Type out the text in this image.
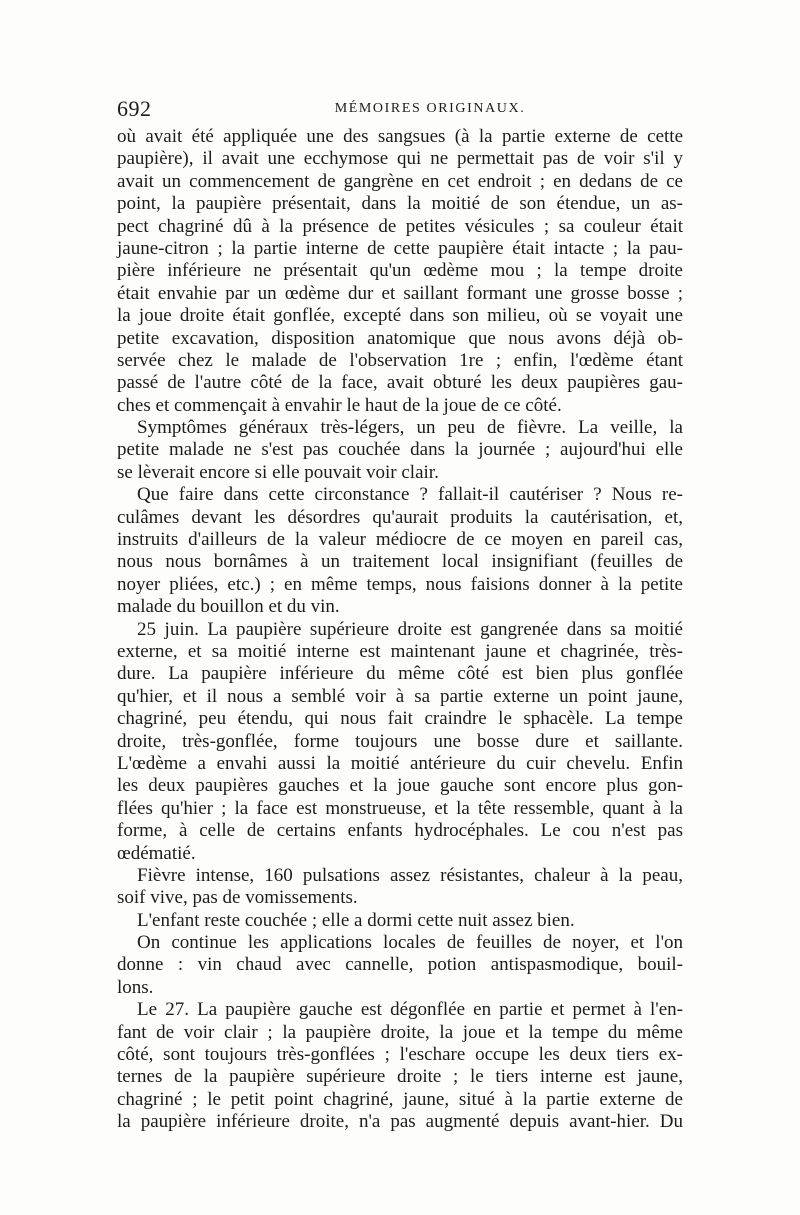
692	MÉMOIRES ORIGINAUX.
où avait été appliquée une des sangsues (à la partie externe de cette
paupière), il avait une ecchymose qui ne permettait pas de voir s'il y
avait un commencement de gangrène en cet endroit ; en dedans de ce
point, la paupière présentait, dans la moitié de son étendue, un as-
pect chagriné dû à la présence de petites vésicules ; sa couleur était
jaune-citron ; la partie interne de cette paupière était intacte ; la pau-
pière inférieure ne présentait qu'un œdème mou ; la tempe droite
était envahie par un œdème dur et saillant formant une grosse bosse ;
la joue droite était gonflée, excepté dans son milieu, où se voyait une
petite excavation, disposition anatomique que nous avons déjà ob-
servée chez le malade de l'observation 1re ; enfin, l'œdème étant
passé de l'autre côté de la face, avait obturé les deux paupières gau-
ches et commençait à envahir le haut de la joue de ce côté.
Symptômes généraux très-légers, un peu de fièvre. La veille, la
petite malade ne s'est pas couchée dans la journée ; aujourd'hui elle
se lèverait encore si elle pouvait voir clair.
Que faire dans cette circonstance ? fallait-il cautériser ? Nous re-
culâmes devant les désordres qu'aurait produits la cautérisation, et,
instruits d'ailleurs de la valeur médiocre de ce moyen en pareil cas,
nous nous bornâmes à un traitement local insignifiant (feuilles de
noyer pliées, etc.) ; en même temps, nous faisions donner à la petite
malade du bouillon et du vin.
25 juin. La paupière supérieure droite est gangrenée dans sa moitié
externe, et sa moitié interne est maintenant jaune et chagrinée, très-
dure. La paupière inférieure du même côté est bien plus gonflée
qu'hier, et il nous a semblé voir à sa partie externe un point jaune,
chagriné, peu étendu, qui nous fait craindre le sphacèle. La tempe
droite, très-gonflée, forme toujours une bosse dure et saillante.
L'œdème a envahi aussi la moitié antérieure du cuir chevelu. Enfin
les deux paupières gauches et la joue gauche sont encore plus gon-
flées qu'hier ; la face est monstrueuse, et la tête ressemble, quant à la
forme, à celle de certains enfants hydrocéphales. Le cou n'est pas
œdématié.
Fièvre intense, 160 pulsations assez résistantes, chaleur à la peau,
soif vive, pas de vomissements.
L'enfant reste couchée ; elle a dormi cette nuit assez bien.
On continue les applications locales de feuilles de noyer, et l'on
donne : vin chaud avec cannelle, potion antispasmodique, bouil-
lons.
Le 27. La paupière gauche est dégonflée en partie et permet à l'en-
fant de voir clair ; la paupière droite, la joue et la tempe du même
côté, sont toujours très-gonflées ; l'eschare occupe les deux tiers ex-
ternes de la paupière supérieure droite ; le tiers interne est jaune,
chagriné ; le petit point chagriné, jaune, situé à la partie externe de
la paupière inférieure droite, n'a pas augmenté depuis avant-hier. Du
